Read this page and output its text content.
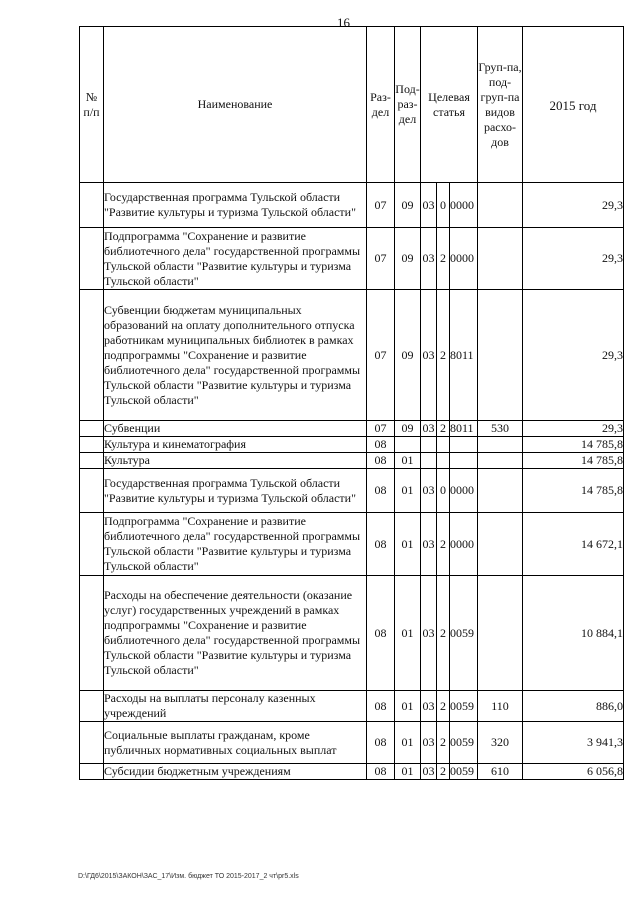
16
№ п/п	Наименование	Раз-дел	Под-раз-дел	Целевая статья			Груп-па, под-груп-па видов расхо-дов	2015 год
	Государственная программа Тульской области "Развитие культуры и туризма Тульской области"	07	09	03	0	0000		29,3
	Подпрограмма "Сохранение и развитие библиотечного дела" государственной программы Тульской области "Развитие культуры и туризма Тульской области"	07	09	03	2	0000		29,3
	Субвенции бюджетам муниципальных образований на оплату дополнительного отпуска работникам муниципальных библиотек в рамках подпрограммы "Сохранение и развитие библиотечного дела" государственной программы Тульской области "Развитие культуры и туризма Тульской области"	07	09	03	2	8011		29,3
	Субвенции	07	09	03	2	8011	530	29,3
	Культура и кинематография	08						14 785,8
	Культура	08	01					14 785,8
	Государственная программа Тульской области "Развитие культуры и туризма Тульской области"	08	01	03	0	0000		14 785,8
	Подпрограмма "Сохранение и развитие библиотечного дела" государственной программы Тульской области "Развитие культуры и туризма Тульской области"	08	01	03	2	0000		14 672,1
	Расходы на обеспечение деятельности (оказание услуг) государственных учреждений в рамках подпрограммы "Сохранение и развитие библиотечного дела" государственной программы Тульской области "Развитие культуры и туризма Тульской области"	08	01	03	2	0059		10 884,1
	Расходы на выплаты персоналу казенных учреждений	08	01	03	2	0059	110	886,0
	Социальные выплаты гражданам, кроме публичных нормативных социальных выплат	08	01	03	2	0059	320	3 941,3
	Субсидии бюджетным учреждениям	08	01	03	2	0059	610	6 056,8
D:\ГД6\2015\ЗАКОН\ЗАС_17\Изм. бюджет ТО 2015-2017_2 чт\pr5.xls
